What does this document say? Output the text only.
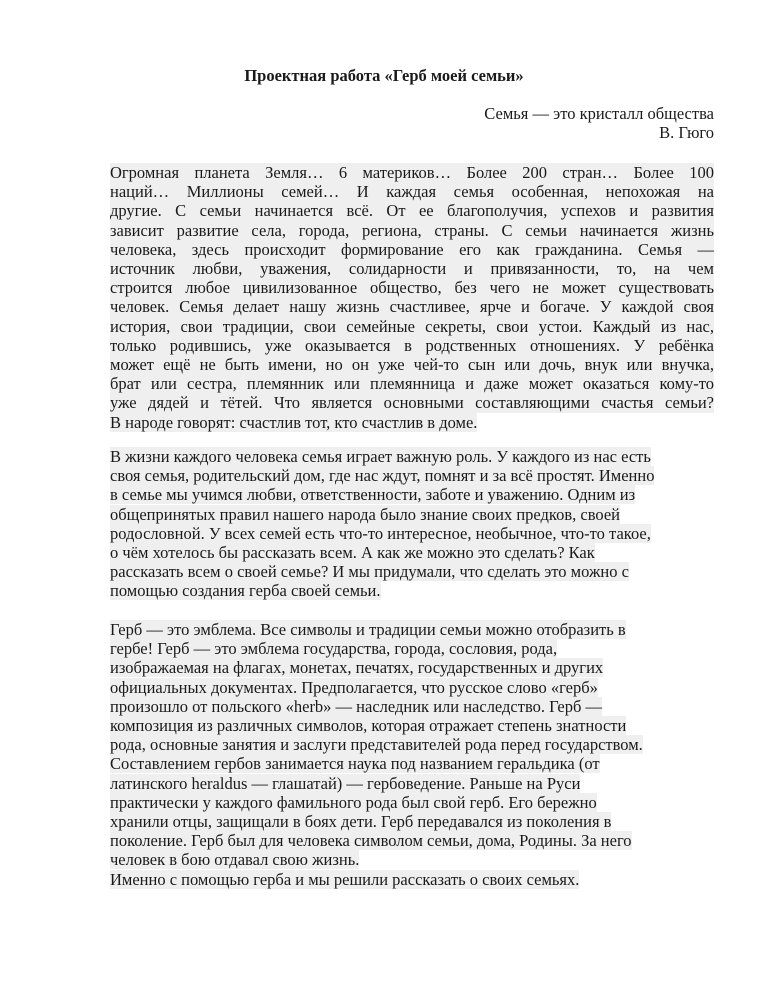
Проектная работа «Герб моей семьи»
Семья — это кристалл общества
В. Гюго
Огромная планета Земля… 6 материков… Более 200 стран… Более 100
наций… Миллионы семей… И каждая семья особенная, непохожая на
другие. С семьи начинается всё. От ее благополучия, успехов и развития
зависит развитие села, города, региона, страны. С семьи начинается жизнь
человека, здесь происходит формирование его как гражданина. Семья —
источник любви, уважения, солидарности и привязанности, то, на чем
строится любое цивилизованное общество, без чего не может существовать
человек. Семья делает нашу жизнь счастливее, ярче и богаче. У каждой своя
история, свои традиции, свои семейные секреты, свои устои. Каждый из нас,
только родившись, уже оказывается в родственных отношениях. У ребёнка
может ещё не быть имени, но он уже чей-то сын или дочь, внук или внучка,
брат или сестра, племянник или племянница и даже может оказаться кому-то
уже дядей и тётей. Что является основными составляющими счастья семьи?
В народе говорят: счастлив тот, кто счастлив в доме.
В жизни каждого человека семья играет важную роль. У каждого из нас есть
своя семья, родительский дом, где нас ждут, помнят и за всё простят. Именно
в семье мы учимся любви, ответственности, заботе и уважению. Одним из
общепринятых правил нашего народа было знание своих предков, своей
родословной. У всех семей есть что-то интересное, необычное, что-то такое,
о чём хотелось бы рассказать всем. А как же можно это сделать? Как
рассказать всем о своей семье? И мы придумали, что сделать это можно с
помощью создания герба своей семьи.
Герб — это эмблема. Все символы и традиции семьи можно отобразить в
гербе! Герб — это эмблема государства, города, сословия, рода,
изображаемая на флагах, монетах, печатях, государственных и других
официальных документах. Предполагается, что русское слово «герб»
произошло от польского «herb» — наследник или наследство. Герб —
композиция из различных символов, которая отражает степень знатности
рода, основные занятия и заслуги представителей рода перед государством.
Составлением гербов занимается наука под названием геральдика (от
латинского heraldus — глашатай) — гербоведение. Раньше на Руси
практически у каждого фамильного рода был свой герб. Его бережно
хранили отцы, защищали в боях дети. Герб передавался из поколения в
поколение. Герб был для человека символом семьи, дома, Родины. За него
человек в бою отдавал свою жизнь.
Именно с помощью герба и мы решили рассказать о своих семьях.
